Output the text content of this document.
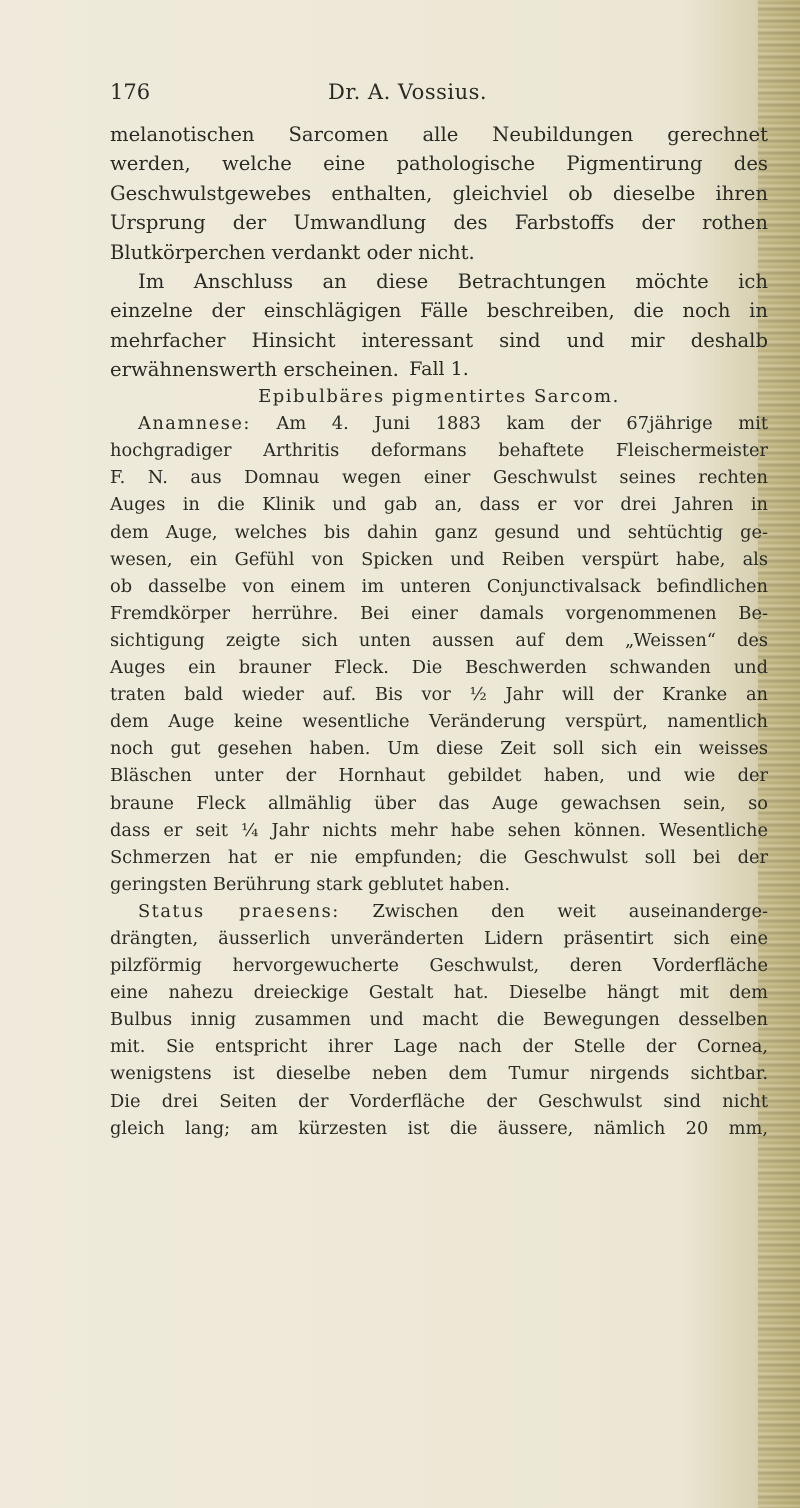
176	Dr. A. Vossius.
melanotischen Sarcomen alle Neubildungen gerechnet
werden, welche eine pathologische Pigmentirung des
Geschwulstgewebes enthalten, gleichviel ob dieselbe ihren
Ursprung der Umwandlung des Farbstoffs der rothen
Blutkörperchen verdankt oder nicht.
Im Anschluss an diese Betrachtungen möchte ich
einzelne der einschlägigen Fälle beschreiben, die noch in
mehrfacher Hinsicht interessant sind und mir deshalb
erwähnenswerth erscheinen. Fall 1.
Epibulbäres pigmentirtes Sarcom.
Anamnese: Am 4. Juni 1883 kam der 67jährige mit
hochgradiger Arthritis deformans behaftete Fleischermeister
F. N. aus Domnau wegen einer Geschwulst seines rechten
Auges in die Klinik und gab an, dass er vor drei Jahren in
dem Auge, welches bis dahin ganz gesund und sehtüchtig ge-
wesen, ein Gefühl von Spicken und Reiben verspürt habe, als
ob dasselbe von einem im unteren Conjunctivalsack befindlichen
Fremdkörper herrühre. Bei einer damals vorgenommenen Be-
sichtigung zeigte sich unten aussen auf dem „Weissen“ des
Auges ein brauner Fleck. Die Beschwerden schwanden und
traten bald wieder auf. Bis vor ½ Jahr will der Kranke an
dem Auge keine wesentliche Veränderung verspürt, namentlich
noch gut gesehen haben. Um diese Zeit soll sich ein weisses
Bläschen unter der Hornhaut gebildet haben, und wie der
braune Fleck allmählig über das Auge gewachsen sein, so
dass er seit ¼ Jahr nichts mehr habe sehen können. Wesentliche
Schmerzen hat er nie empfunden; die Geschwulst soll bei der
geringsten Berührung stark geblutet haben.
Status praesens: Zwischen den weit auseinanderge-
drängten, äusserlich unveränderten Lidern präsentirt sich eine
pilzförmig hervorgewucherte Geschwulst, deren Vorderfläche
eine nahezu dreieckige Gestalt hat. Dieselbe hängt mit dem
Bulbus innig zusammen und macht die Bewegungen desselben
mit. Sie entspricht ihrer Lage nach der Stelle der Cornea,
wenigstens ist dieselbe neben dem Tumur nirgends sichtbar.
Die drei Seiten der Vorderfläche der Geschwulst sind nicht
gleich lang; am kürzesten ist die äussere, nämlich 20 mm,
